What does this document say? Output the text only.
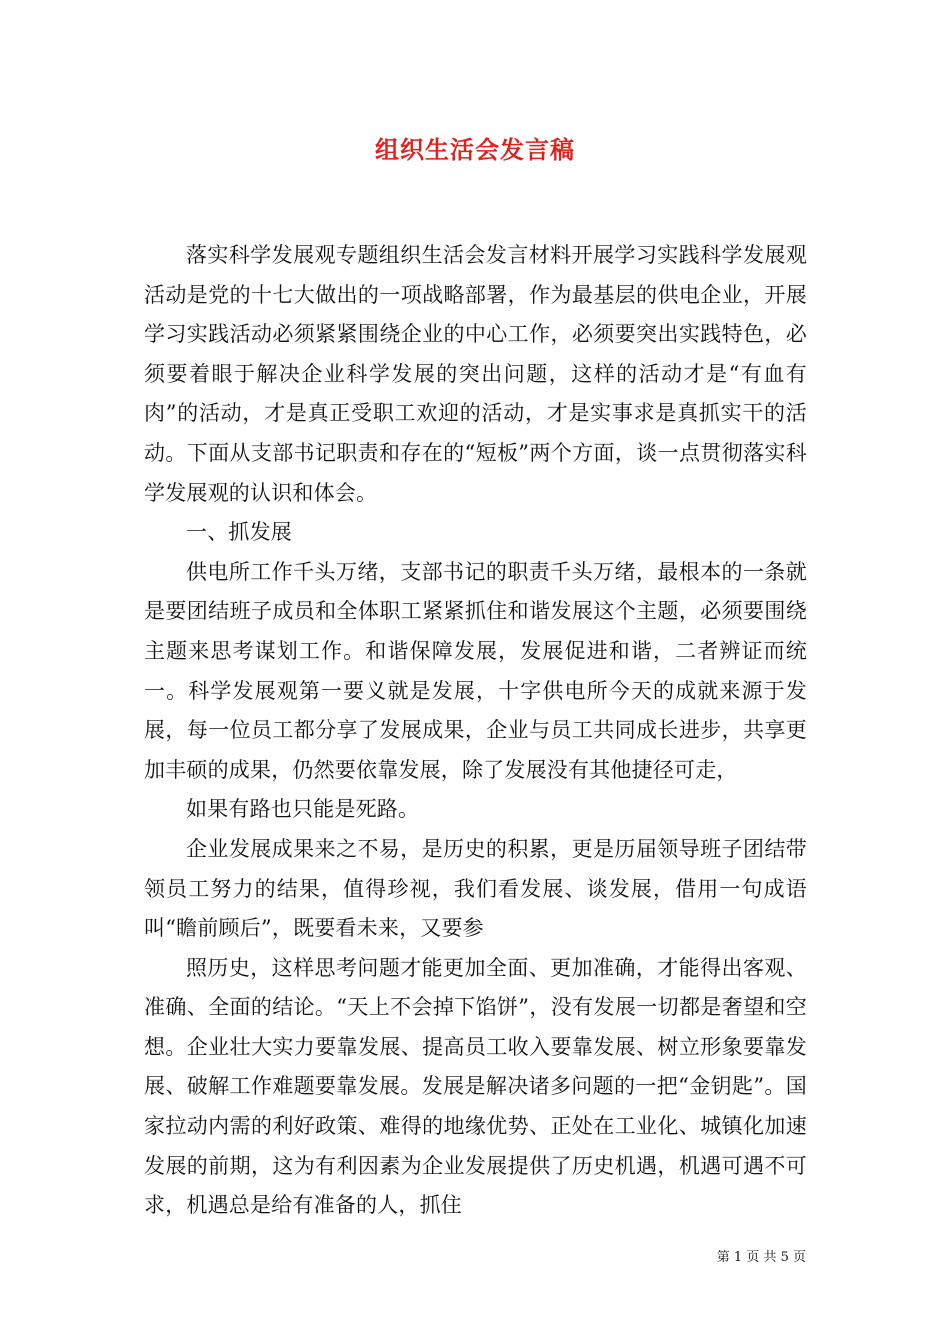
组织生活会发言稿

落实科学发展观专题组织生活会发言材料开展学习实践科学发展观活动是党的十七大做出的一项战略部署，作为最基层的供电企业，开展学习实践活动必须紧紧围绕企业的中心工作，必须要突出实践特色，必须要着眼于解决企业科学发展的突出问题，这样的活动才是“有血有肉”的活动，才是真正受职工欢迎的活动，才是实事求是真抓实干的活动。下面从支部书记职责和存在的“短板”两个方面，谈一点贯彻落实科学发展观的认识和体会。

一、抓发展

供电所工作千头万绪，支部书记的职责千头万绪，最根本的一条就是要团结班子成员和全体职工紧紧抓住和谐发展这个主题，必须要围绕主题来思考谋划工作。和谐保障发展，发展促进和谐，二者辨证而统一。科学发展观第一要义就是发展，十字供电所今天的成就来源于发展，每一位员工都分享了发展成果，企业与员工共同成长进步，共享更加丰硕的成果，仍然要依靠发展，除了发展没有其他捷径可走，

如果有路也只能是死路。

企业发展成果来之不易，是历史的积累，更是历届领导班子团结带领员工努力的结果，值得珍视，我们看发展、谈发展，借用一句成语叫“瞻前顾后”，既要看未来，又要参

照历史，这样思考问题才能更加全面、更加准确，才能得出客观、准确、全面的结论。“天上不会掉下馅饼”，没有发展一切都是奢望和空想。企业壮大实力要靠发展、提高员工收入要靠发展、树立形象要靠发展、破解工作难题要靠发展。发展是解决诸多问题的一把“金钥匙”。国家拉动内需的利好政策、难得的地缘优势、正处在工业化、城镇化加速发展的前期，这为有利因素为企业发展提供了历史机遇，机遇可遇不可求，机遇总是给有准备的人，抓住

第 1 页 共 5 页
